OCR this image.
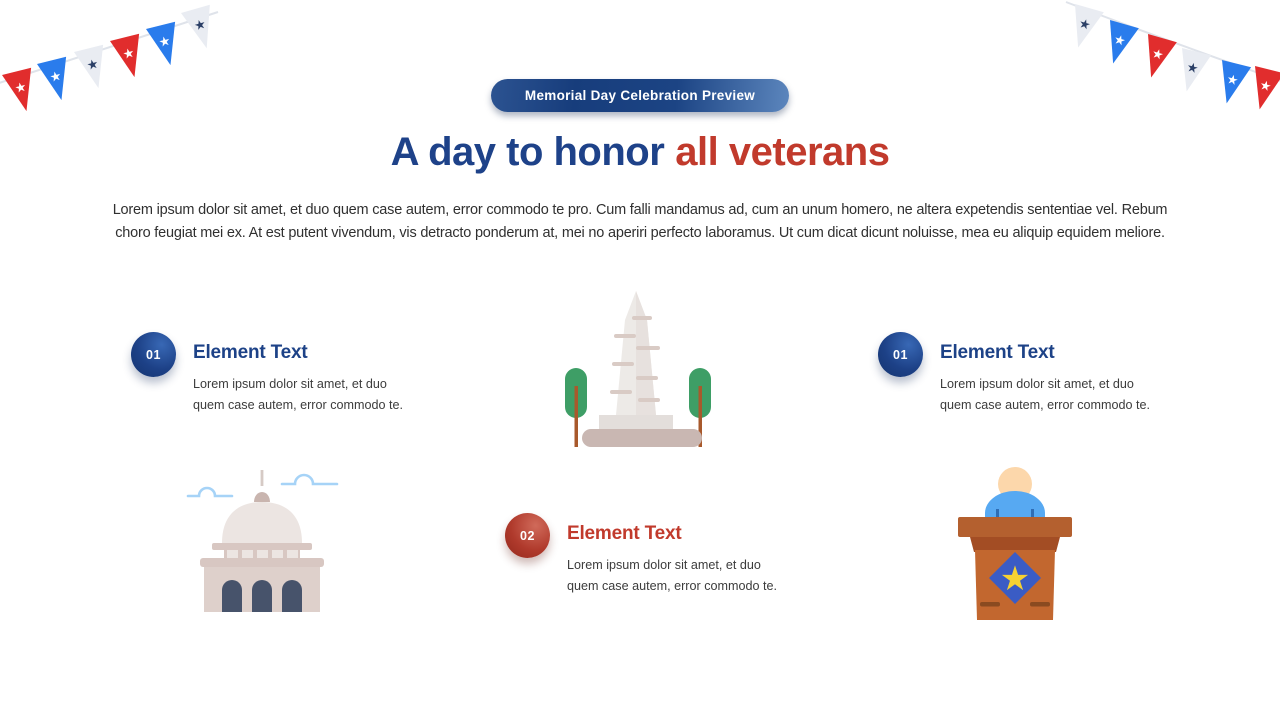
★
★
★
★
★
★	★
★
★
★
★ ★
Memorial Day Celebration Preview
A day to honor all veterans

Lorem ipsum dolor sit amet, et duo quem case autem, error commodo te pro. Cum falli mandamus ad, cum an unum homero, ne altera expetendis sententiae vel. Rebum choro feugiat mei ex. At est putent vivendum, vis detracto ponderum at, mei no aperiri perfecto laboramus. Ut cum dicat dicunt noluisse, mea eu aliquip equidem meliore.

01	Element Text

Lorem ipsum dolor sit amet, et duo quem case autem, error commodo te.

02	Element Text

Lorem ipsum dolor sit amet, et duo quem case autem, error commodo te.

01	Element Text

Lorem ipsum dolor sit amet, et duo quem case autem, error commodo te.

★
